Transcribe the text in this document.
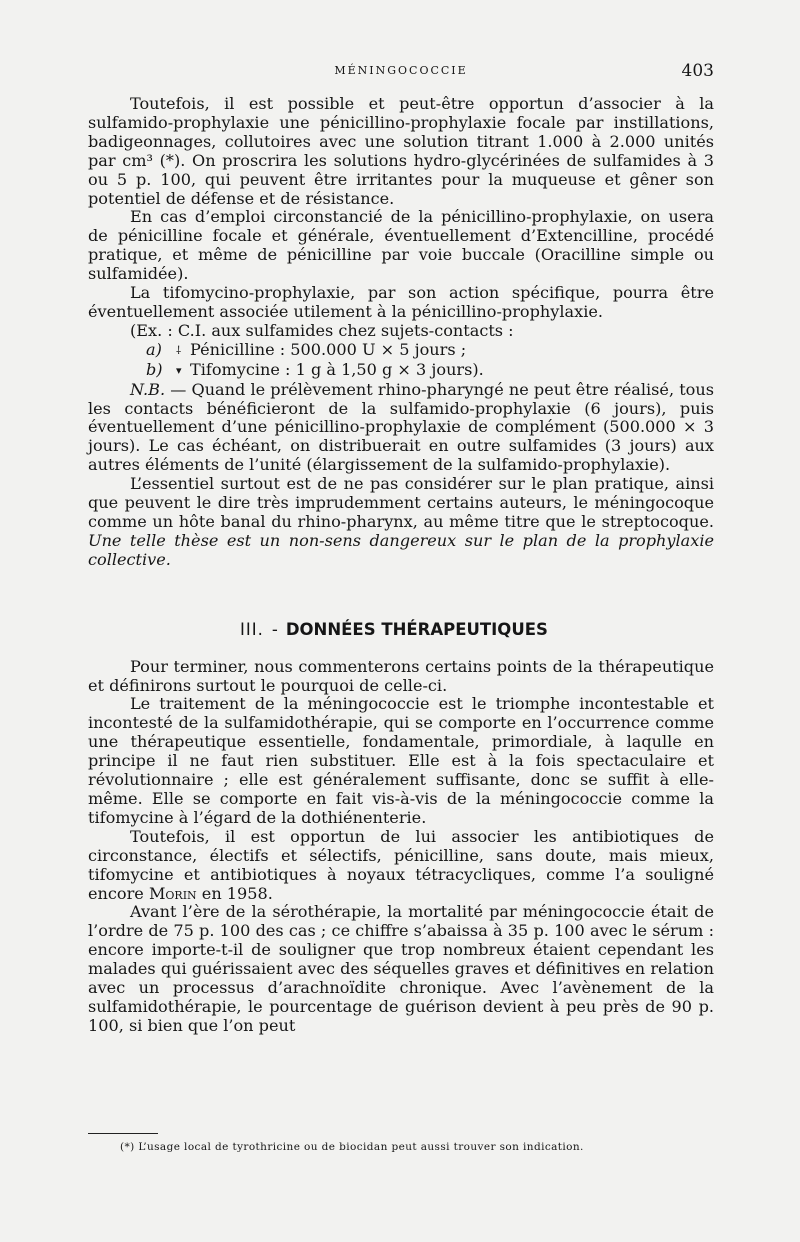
MÉNINGOCOCCIE	403

Toutefois, il est possible et peut-être opportun d’associer à la sulfamido-prophylaxie une pénicillino-prophylaxie focale par instillations, badigeonnages, collutoires avec une solution titrant 1.000 à 2.000 unités par cm³ (*). On proscrira les solutions hydro-glycérinées de sulfamides à 3 ou 5 p. 100, qui peuvent être irritantes pour la muqueuse et gêner son potentiel de défense et de résistance.

En cas d’emploi circonstancié de la pénicillino-prophylaxie, on usera de pénicilline focale et générale, éventuellement d’Extencilline, procédé pratique, et même de pénicilline par voie buccale (Oracilline simple ou sulfamidée).

La tifomycino-prophylaxie, par son action spécifique, pourra être éventuellement associée utilement à la pénicillino-prophylaxie.

(Ex. : C.I. aux sulfamides chez sujets-contacts :
a) ⸸ Pénicilline : 500.000 U × 5 jours ;
b) ▾ Tifomycine : 1 g à 1,50 g × 3 jours).

N.B. — Quand le prélèvement rhino-pharyngé ne peut être réalisé, tous les contacts bénéficieront de la sulfamido-prophylaxie (6 jours), puis éventuellement d’une pénicillino-prophylaxie de complément (500.000 × 3 jours). Le cas échéant, on distribuerait en outre sulfamides (3 jours) aux autres éléments de l’unité (élargissement de la sulfamido-prophylaxie).

L’essentiel surtout est de ne pas considérer sur le plan pratique, ainsi que peuvent le dire très imprudemment certains auteurs, le méningocoque comme un hôte banal du rhino-pharynx, au même titre que le streptocoque. Une telle thèse est un non-sens dangereux sur le plan de la prophylaxie collective.

III. - DONNÉES THÉRAPEUTIQUES

Pour terminer, nous commenterons certains points de la thérapeutique et définirons surtout le pourquoi de celle-ci.

Le traitement de la méningococcie est le triomphe incontestable et incontesté de la sulfamidothérapie, qui se comporte en l’occurrence comme une thérapeutique essentielle, fondamentale, primordiale, à laqulle en principe il ne faut rien substituer. Elle est à la fois spectaculaire et révolutionnaire ; elle est généralement suffisante, donc se suffit à elle-même. Elle se comporte en fait vis-à-vis de la méningococcie comme la tifomycine à l’égard de la dothiénenterie.

Toutefois, il est opportun de lui associer les antibiotiques de circonstance, électifs et sélectifs, pénicilline, sans doute, mais mieux, tifomycine et antibiotiques à noyaux tétracycliques, comme l’a souligné encore Morin en 1958.

Avant l’ère de la sérothérapie, la mortalité par méningococcie était de l’ordre de 75 p. 100 des cas ; ce chiffre s’abaissa à 35 p. 100 avec le sérum : encore importe-t-il de souligner que trop nombreux étaient cependant les malades qui guérissaient avec des séquelles graves et définitives en relation avec un processus d’arachnoïdite chronique. Avec l’avènement de la sulfamidothérapie, le pourcentage de guérison devient à peu près de 90 p. 100, si bien que l’on peut

(*) L’usage local de tyrothricine ou de biocidan peut aussi trouver son indication.
